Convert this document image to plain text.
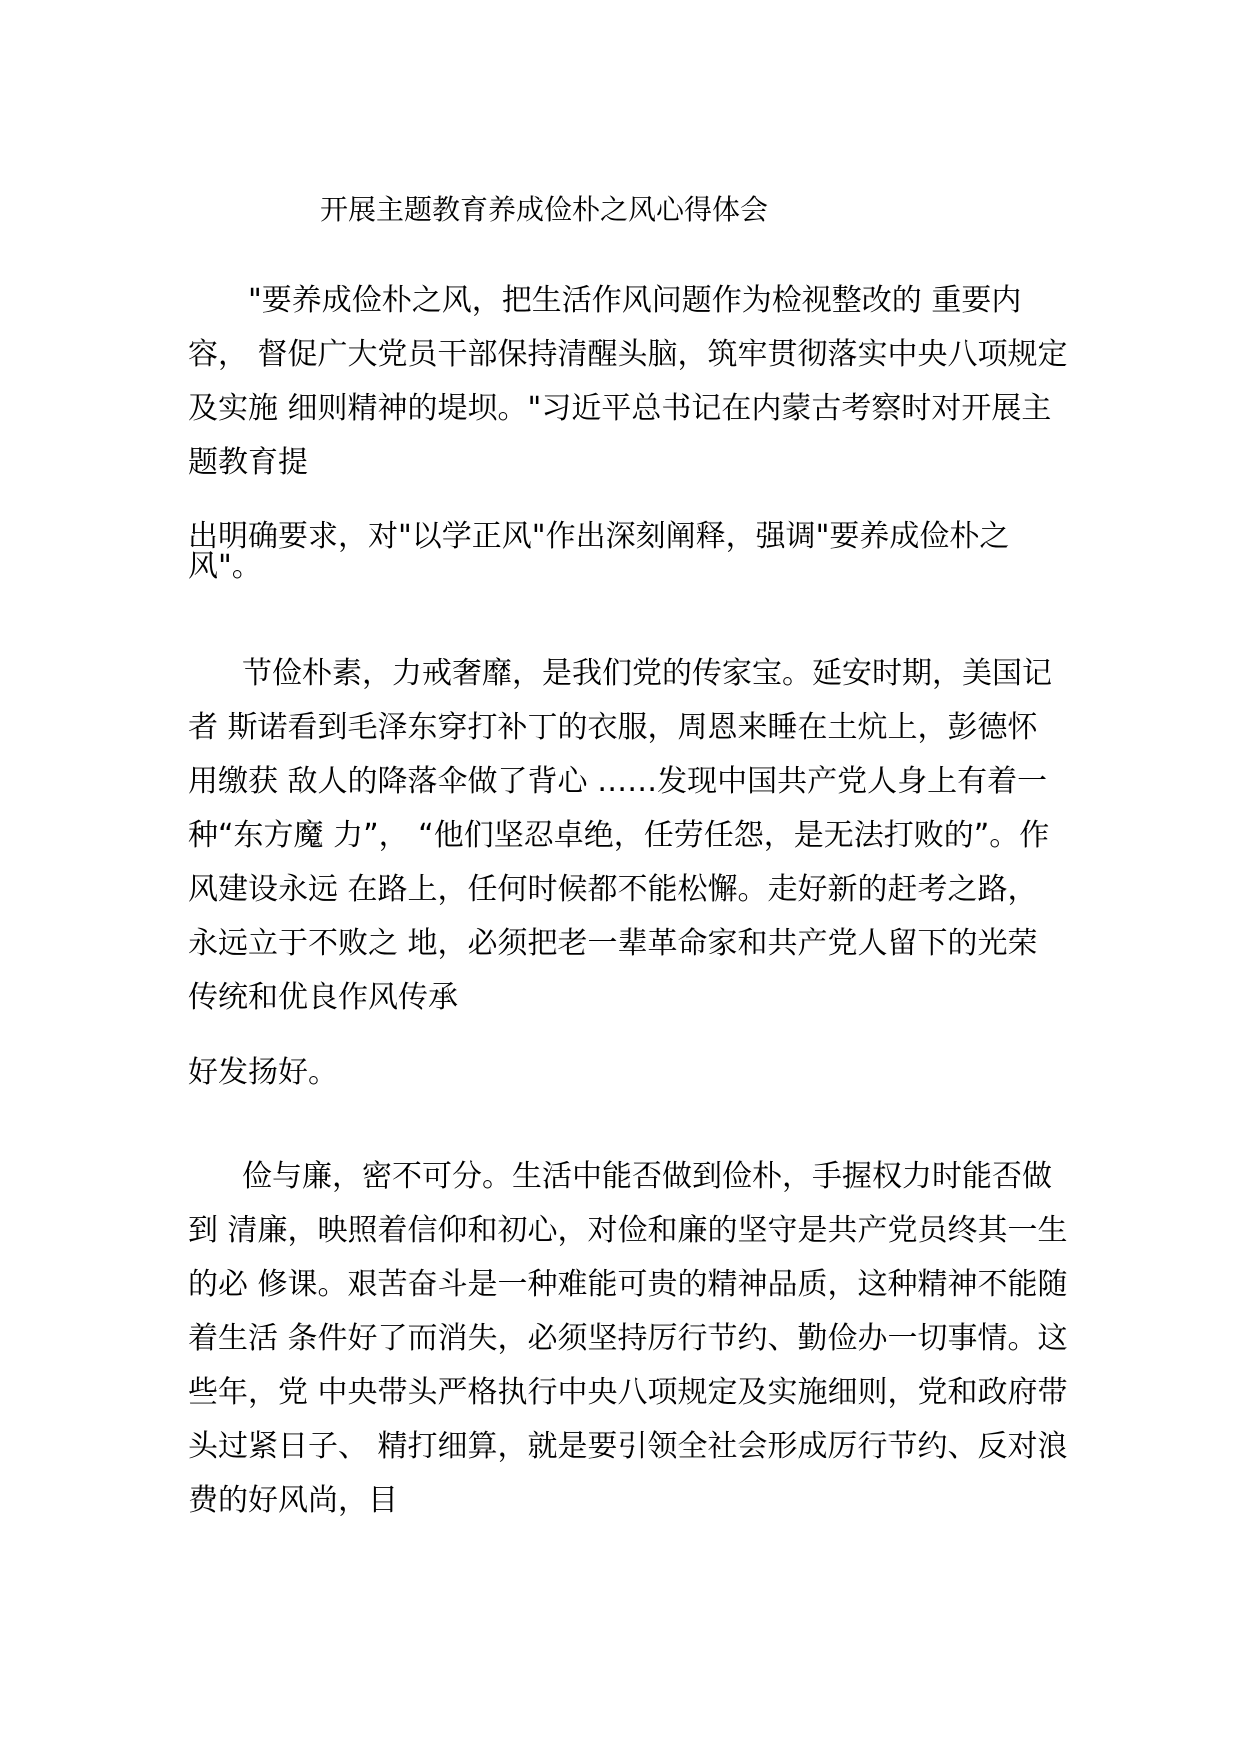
开展主题教育养成俭朴之风心得体会
"要养成俭朴之风，把生活作风问题作为检视整改的 重要内
容， 督促广大党员干部保持清醒头脑，筑牢贯彻落实中央八项规定
及实施 细则精神的堤坝。"习近平总书记在内蒙古考察时对开展主
题教育提
出明确要求，对"以学正风"作出深刻阐释，强调"要养成俭朴之
风"。
节俭朴素，力戒奢靡，是我们党的传家宝。延安时期，美国记
者 斯诺看到毛泽东穿打补丁的衣服，周恩来睡在土炕上，彭德怀
用缴获 敌人的降落伞做了背心 ……发现中国共产党人身上有着一
种“东方魔 力”， “他们坚忍卓绝，任劳任怨，是无法打败的”。作
风建设永远 在路上，任何时候都不能松懈。走好新的赶考之路，
永远立于不败之 地，必须把老一辈革命家和共产党人留下的光荣
传统和优良作风传承
好发扬好。
俭与廉，密不可分。生活中能否做到俭朴，手握权力时能否做
到 清廉，映照着信仰和初心，对俭和廉的坚守是共产党员终其一生
的必 修课。艰苦奋斗是一种难能可贵的精神品质，这种精神不能随
着生活 条件好了而消失，必须坚持厉行节约、勤俭办一切事情。这
些年，党 中央带头严格执行中央八项规定及实施细则，党和政府带
头过紧日子、 精打细算，就是要引领全社会形成厉行节约、反对浪
费的好风尚，目
